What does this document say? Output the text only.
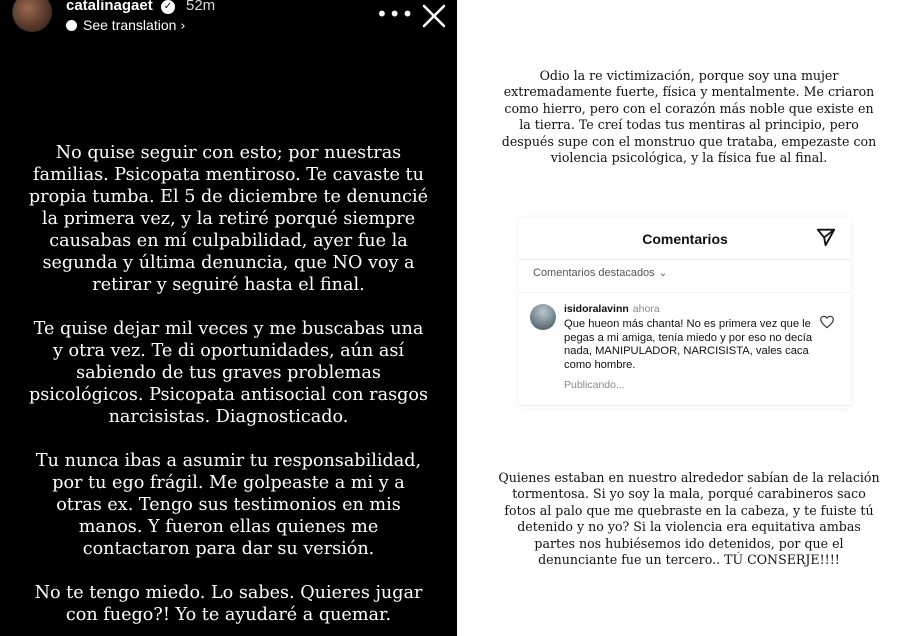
catalinagaet ✓ 52m
See translation ›
•••

No quise seguir con esto; por nuestras familias. Psicopata mentiroso. Te cavaste tu propia tumba. El 5 de diciembre te denuncié la primera vez, y la retiré porqué siempre causabas en mí culpabilidad, ayer fue la segunda y última denuncia, que NO voy a retirar y seguiré hasta el final.

Te quise dejar mil veces y me buscabas una y otra vez. Te di oportunidades, aún así sabiendo de tus graves problemas psicológicos. Psicopata antisocial con rasgos narcisistas. Diagnosticado.

Tu nunca ibas a asumir tu responsabilidad, por tu ego frágil. Me golpeaste a mi y a otras ex. Tengo sus testimonios en mis manos. Y fueron ellas quienes me contactaron para dar su versión.

No te tengo miedo. Lo sabes. Quieres jugar con fuego?! Yo te ayudaré a quemar.

Odio la re victimización, porque soy una mujer extremadamente fuerte, física y mentalmente. Me criaron como hierro, pero con el corazón más noble que existe en la tierra. Te creí todas tus mentiras al principio, pero después supe con el monstruo que trataba, empezaste con violencia psicológica, y la física fue al final.
Comentarios
Comentarios destacados ⌄
isidoralavinn ahora
Que hueon más chanta! No es primera vez que le pegas a mi amiga, tenía miedo y por eso no decía nada, MANIPULADOR, NARCISISTA, vales caca como hombre.
Publicando...
Quienes estaban en nuestro alrededor sabían de la relación tormentosa. Si yo soy la mala, porqué carabineros saco fotos al palo que me quebraste en la cabeza, y te fuiste tú detenido y no yo? Si la violencia era equitativa ambas partes nos hubiésemos ido detenidos, por que el denunciante fue un tercero.. TÚ CONSERJE!!!!
